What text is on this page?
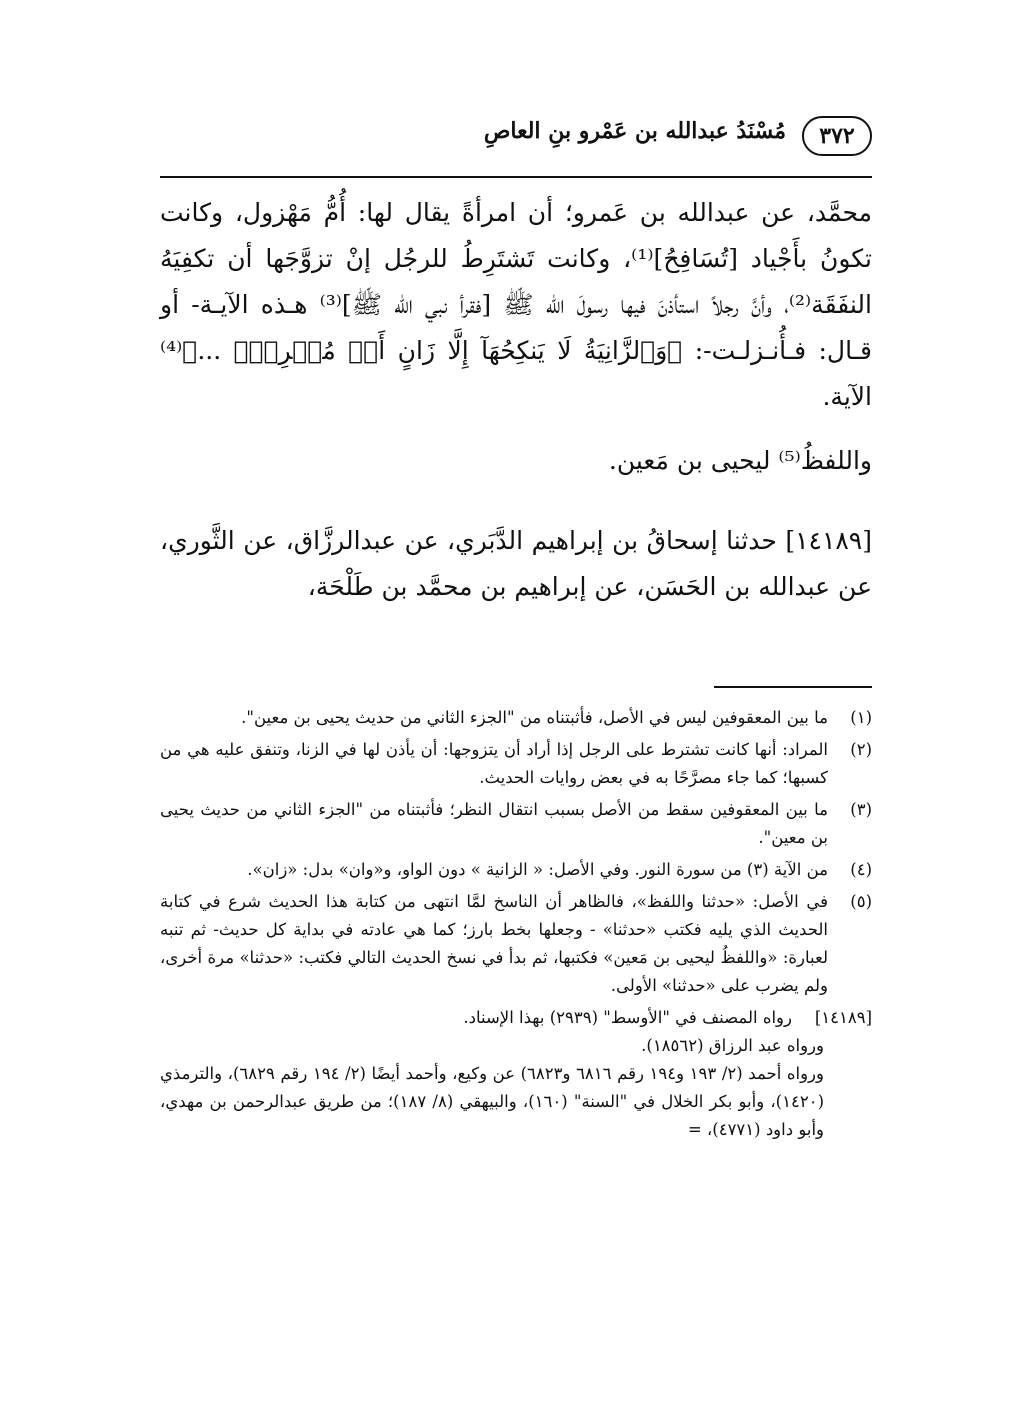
٣٧٢
مُسْنَدُ عبدالله بن عَمْرو بنِ العاصِ

محمَّد، عن عبدالله بن عَمرو؛ أن امرأةً يقال لها: أُمُّ مَهْزول، وكانت تكونُ بأَجْياد [تُسَافِحُ]⁽¹⁾، وكانت تَشتَرِطُ للرجُل إنْ تزوَّجَها أن تكفِيَهُ النفَقَة⁽²⁾، وأنَّ رجلاً استأذنَ فيها رسولَ الله ﷺ [فقرأ نبي الله ﷺ]⁽³⁾ هـذه الآيـة- أو قـال: فـأُنـزلـت-: ﴿وَٱلزَّانِيَةُ لَا يَنكِحُهَآ إِلَّا زَانٍ أَوۡ مُشۡرِكٌۚ ...﴾⁽⁴⁾ الآية.

واللفظُ⁽⁵⁾ ليحيى بن مَعين.

[١٤١٨٩] حدثنا إسحاقُ بن إبراهيم الدَّبَري، عن عبدالرزَّاق، عن الثَّوري، عن عبدالله بن الحَسَن، عن إبراهيم بن محمَّد بن طَلْحَة،

(١)
ما بين المعقوفين ليس في الأصل، فأثبتناه من "الجزء الثاني من حديث يحيى بن معين".
(٢)
المراد: أنها كانت تشترط على الرجل إذا أراد أن يتزوجها: أن يأذن لها في الزنا، وتنفق عليه هي من كسبها؛ كما جاء مصرَّحًا به في بعض روايات الحديث.
(٣)
ما بين المعقوفين سقط من الأصل بسبب انتقال النظر؛ فأثبتناه من "الجزء الثاني من حديث يحيى بن معين".
(٤)
من الآية (٣) من سورة النور. وفي الأصل: « الزانية » دون الواو، و«وان» بدل: «زان».
(٥)
في الأصل: «حدثنا واللفظ»، فالظاهر أن الناسخ لمَّا انتهى من كتابة هذا الحديث شرع في كتابة الحديث الذي يليه فكتب «حدثنا» - وجعلها بخط بارز؛ كما هي عادته في بداية كل حديث- ثم تنبه لعبارة: «واللفظُ ليحيى بن مَعين» فكتبها، ثم بدأ في نسخ الحديث التالي فكتب: «حدثنا» مرة أخرى، ولم يضرب على «حدثنا» الأولى.
[١٤١٨٩]
رواه المصنف في "الأوسط" (٢٩٣٩) بهذا الإسناد.
ورواه عبد الرزاق (١٨٥٦٢).
ورواه أحمد (٢/ ١٩٣ و١٩٤ رقم ٦٨١٦ و٦٨٢٣) عن وكيع، وأحمد أيضًا (٢/ ١٩٤ رقم ٦٨٢٩)، والترمذي (١٤٢٠)، وأبو بكر الخلال في "السنة" (١٦٠)، والبيهقي (٨/ ١٨٧)؛ من طريق عبدالرحمن بن مهدي، وأبو داود (٤٧٧١)، =
